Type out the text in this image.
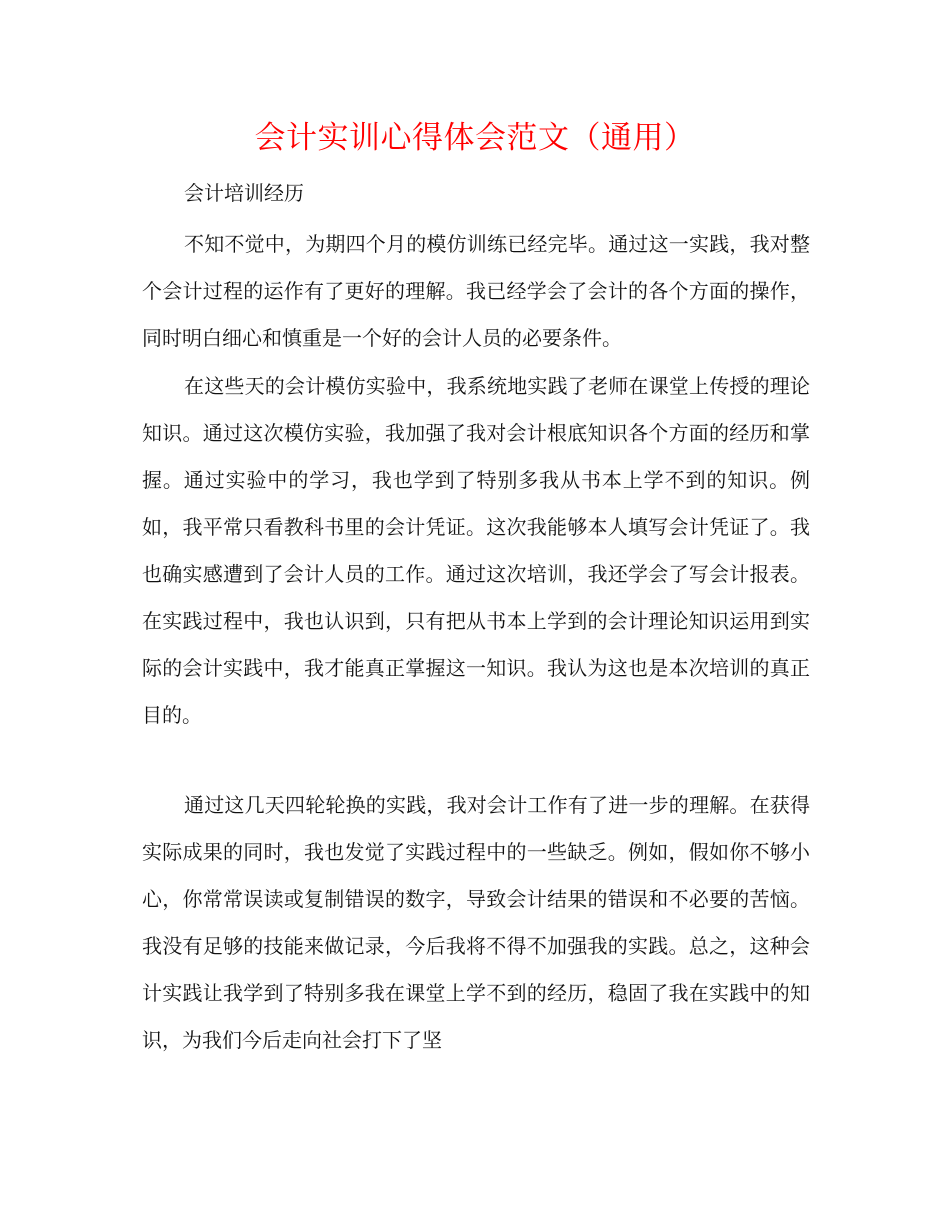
会计实训心得体会范文（通用）
会计培训经历

不知不觉中，为期四个月的模仿训练已经完毕。通过这一实践，我对整个会计过程的运作有了更好的理解。我已经学会了会计的各个方面的操作，同时明白细心和慎重是一个好的会计人员的必要条件。

在这些天的会计模仿实验中，我系统地实践了老师在课堂上传授的理论知识。通过这次模仿实验，我加强了我对会计根底知识各个方面的经历和掌握。通过实验中的学习，我也学到了特别多我从书本上学不到的知识。例如，我平常只看教科书里的会计凭证。这次我能够本人填写会计凭证了。我也确实感遭到了会计人员的工作。通过这次培训，我还学会了写会计报表。在实践过程中，我也认识到，只有把从书本上学到的会计理论知识运用到实际的会计实践中，我才能真正掌握这一知识。我认为这也是本次培训的真正目的。

通过这几天四轮轮换的实践，我对会计工作有了进一步的理解。在获得实际成果的同时，我也发觉了实践过程中的一些缺乏。例如，假如你不够小心，你常常误读或复制错误的数字，导致会计结果的错误和不必要的苦恼。我没有足够的技能来做记录，今后我将不得不加强我的实践。总之，这种会计实践让我学到了特别多我在课堂上学不到的经历，稳固了我在实践中的知识，为我们今后走向社会打下了坚
